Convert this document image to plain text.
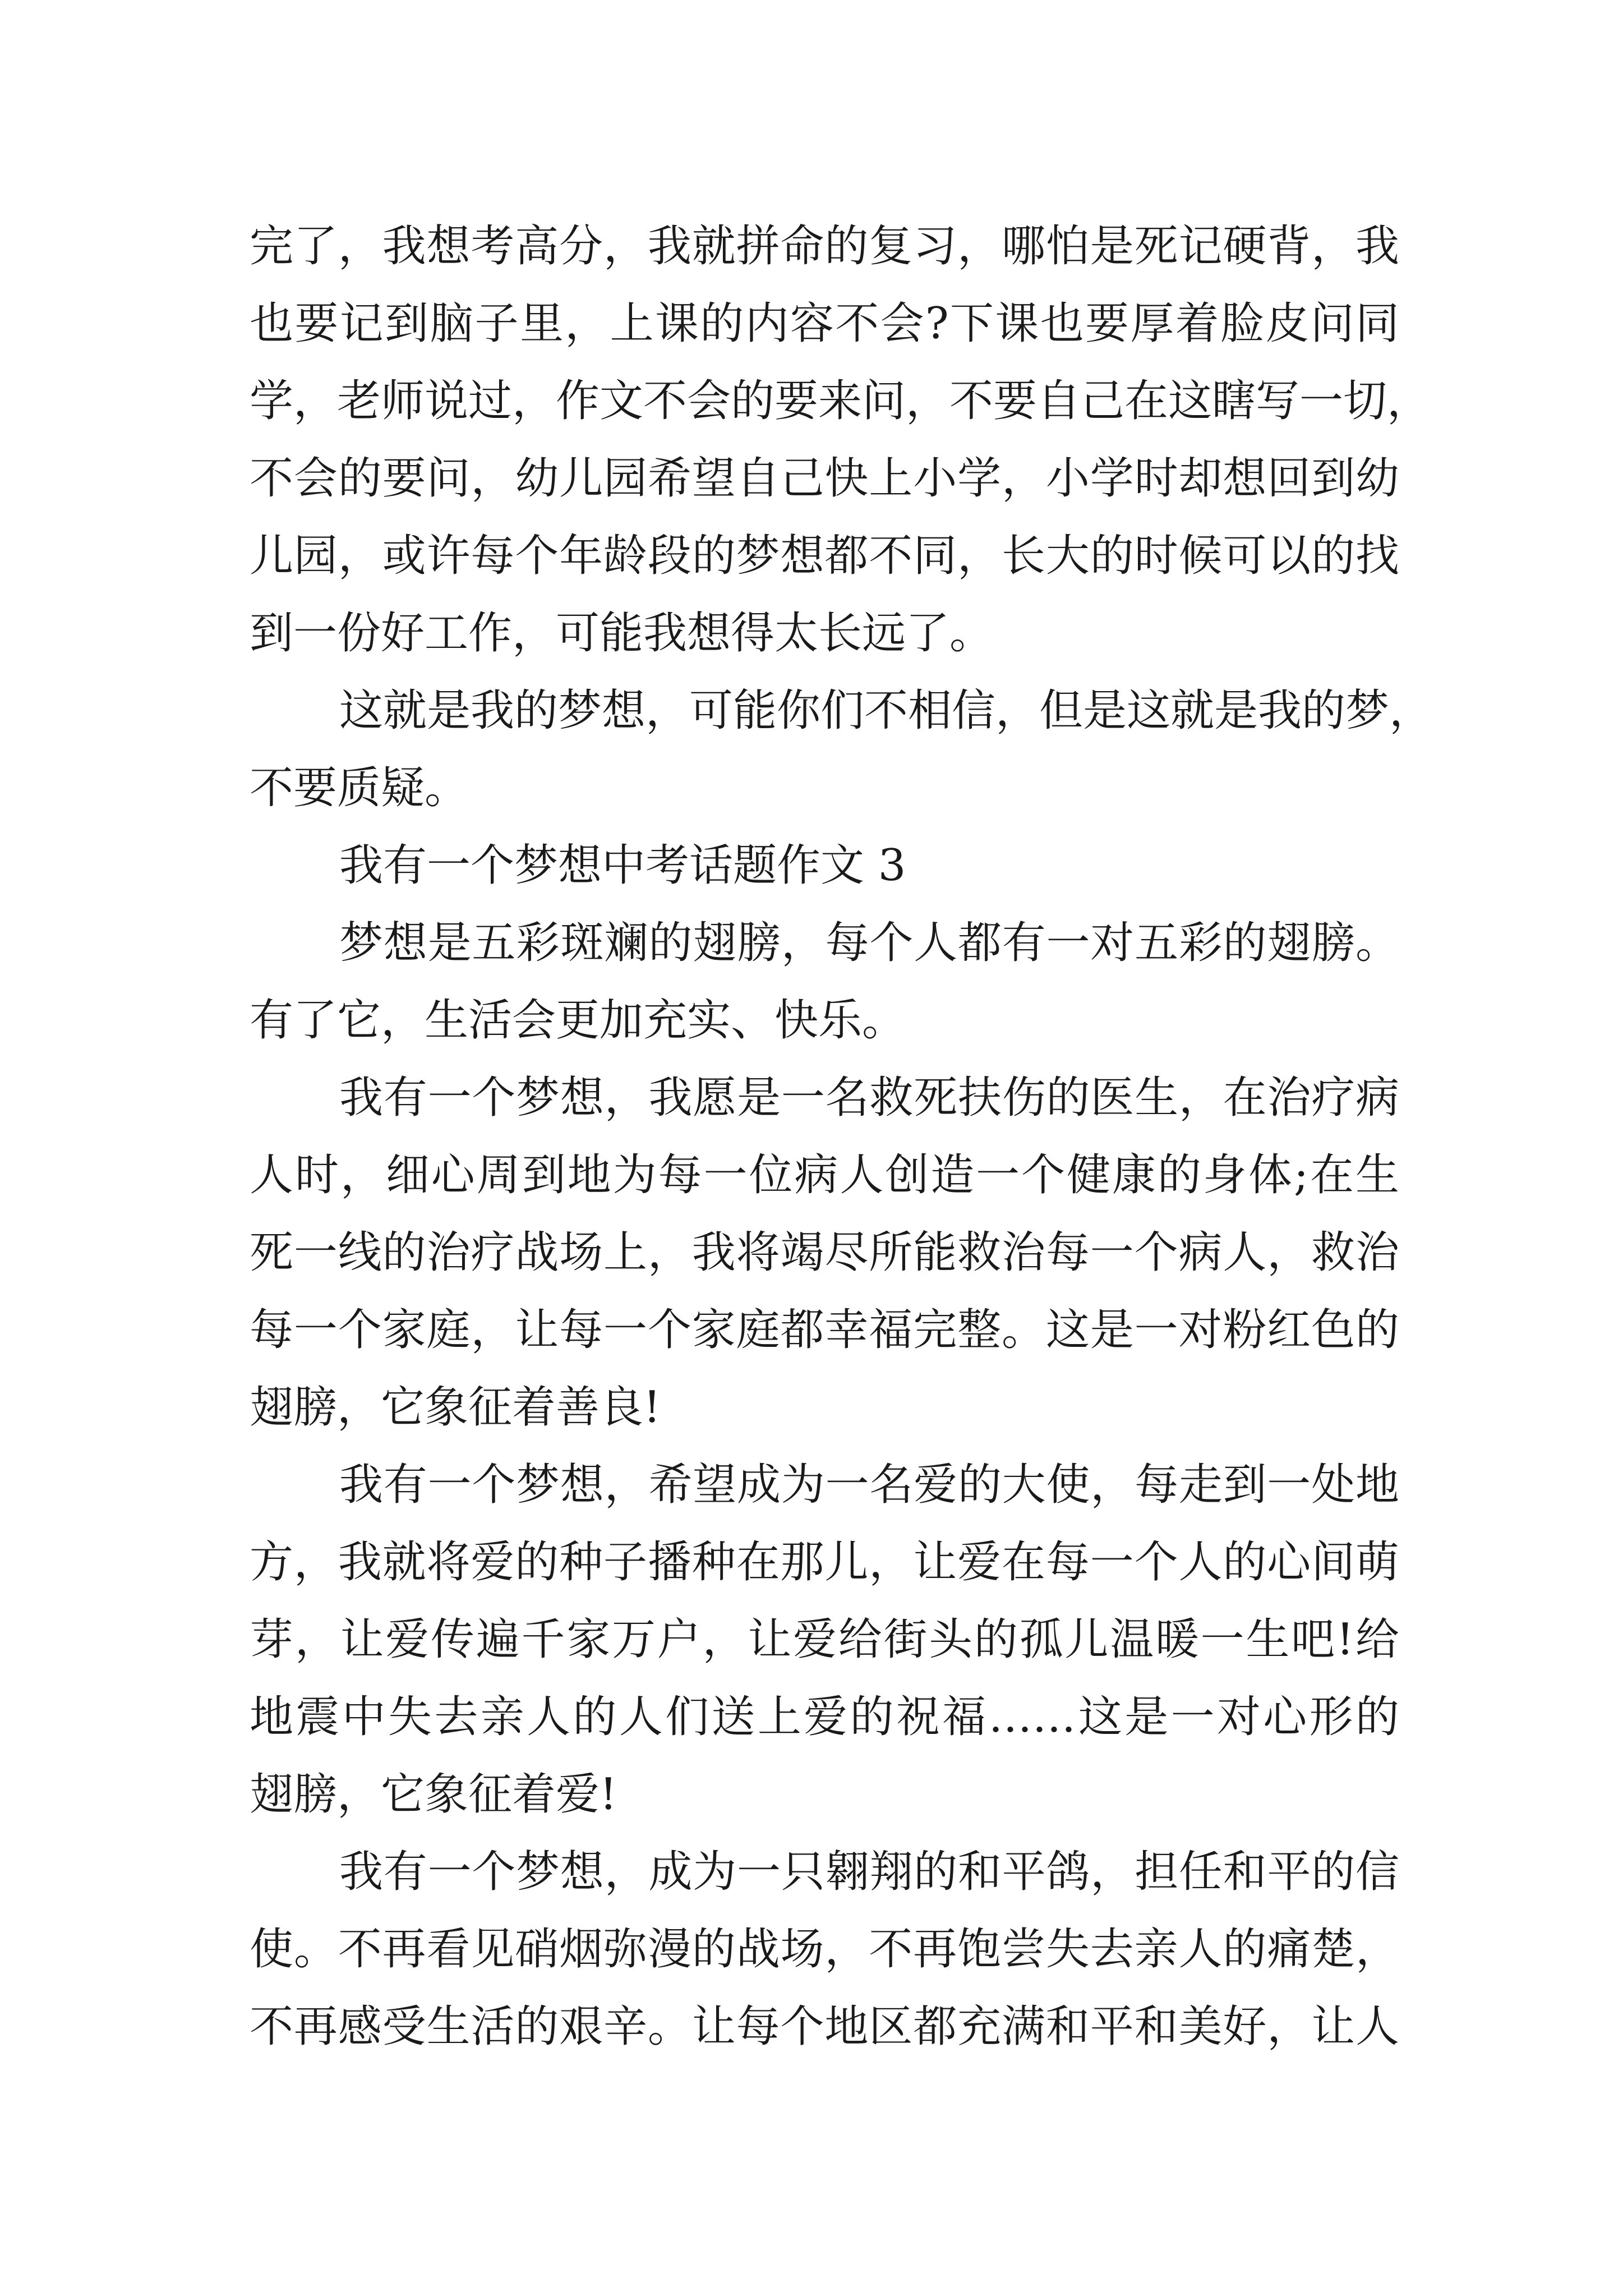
完了，我想考高分，我就拼命的复习，哪怕是死记硬背，我
也要记到脑子里，上课的内容不会?下课也要厚着脸皮问同
学，老师说过，作文不会的要来问，不要自己在这瞎写一切，
不会的要问，幼儿园希望自己快上小学，小学时却想回到幼
儿园，或许每个年龄段的梦想都不同，长大的时候可以的找
到一份好工作，可能我想得太长远了。
这就是我的梦想，可能你们不相信，但是这就是我的梦，
不要质疑。
我有一个梦想中考话题作文 3
梦想是五彩斑斓的翅膀，每个人都有一对五彩的翅膀。
有了它，生活会更加充实、快乐。
我有一个梦想，我愿是一名救死扶伤的医生，在治疗病
人时，细心周到地为每一位病人创造一个健康的身体;在生
死一线的治疗战场上，我将竭尽所能救治每一个病人，救治
每一个家庭，让每一个家庭都幸福完整。这是一对粉红色的
翅膀，它象征着善良!
我有一个梦想，希望成为一名爱的大使，每走到一处地
方，我就将爱的种子播种在那儿，让爱在每一个人的心间萌
芽，让爱传遍千家万户，让爱给街头的孤儿温暖一生吧!给
地震中失去亲人的人们送上爱的祝福……这是一对心形的
翅膀，它象征着爱!
我有一个梦想，成为一只翱翔的和平鸽，担任和平的信
使。不再看见硝烟弥漫的战场，不再饱尝失去亲人的痛楚，
不再感受生活的艰辛。让每个地区都充满和平和美好，让人
